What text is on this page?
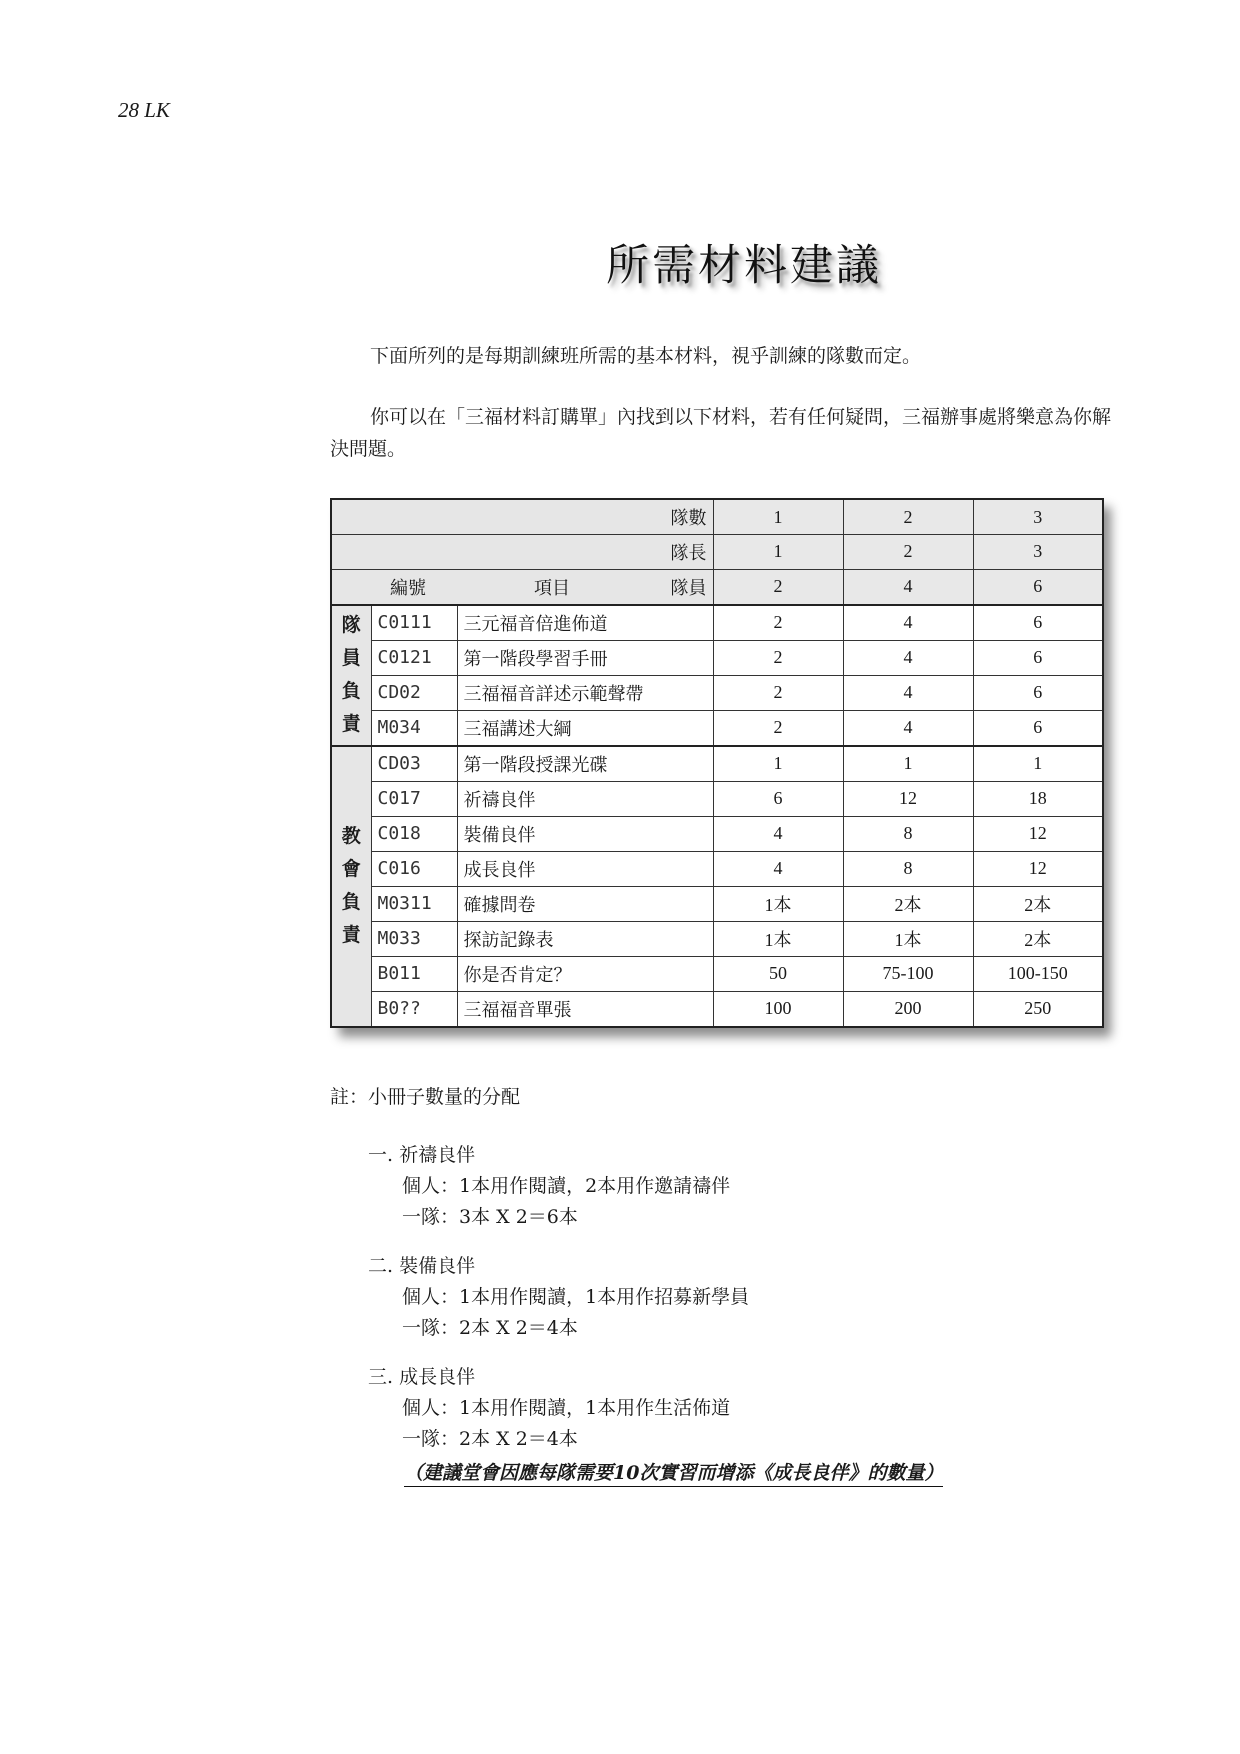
28 LK
所需材料建議

下面所列的是每期訓練班所需的基本材料，視乎訓練的隊數而定。

你可以在「三福材料訂購單」內找到以下材料，若有任何疑問，三福辦事處將樂意為你解決問題。

隊數			1	2	3
隊長			1	2	3

編號 項目 隊員			2	4	6

隊
員
負
責	C0111	三元福音倍進佈道	2	4	6
	C0121	第一階段學習手冊	2	4	6
	CD02	三福福音詳述示範聲帶	2	4	6
	M034	三福講述大綱	2	4	6

教
會
負
責	CD03	第一階段授課光碟	1	1	1
	C017	祈禱良伴	6	12	18
	C018	裝備良伴	4	8	12
	C016	成長良伴	4	8	12
	M0311	確據問卷	1本	2本	2本
	M033	探訪記錄表	1本	1本	2本
	B011	你是否肯定？	50	75-100	100-150
	B0??	三福福音單張	100	200	250
註：小冊子數量的分配
一. 祈禱良伴
個人：1本用作閱讀，2本用作邀請禱伴
一隊：3本 X 2＝6本
二. 裝備良伴
個人：1本用作閱讀，1本用作招募新學員
一隊：2本 X 2＝4本
三. 成長良伴
個人：1本用作閱讀，1本用作生活佈道
一隊：2本 X 2＝4本
（建議堂會因應每隊需要10次實習而增添《成長良伴》的數量）
